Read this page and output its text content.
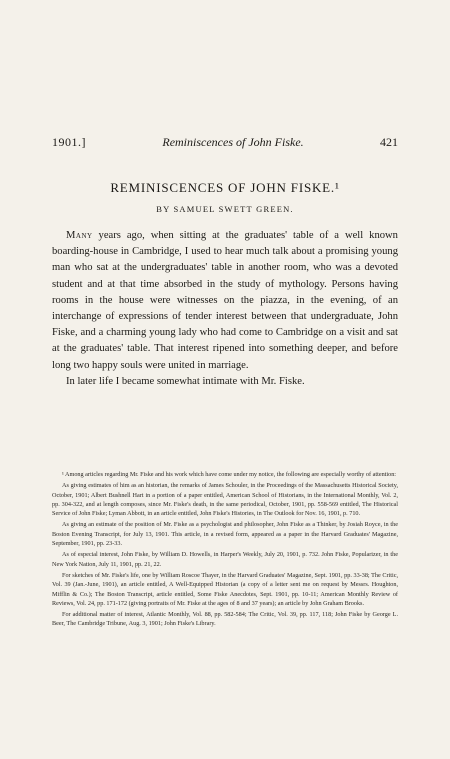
1901.]	Reminiscences of John Fiske.	421
REMINISCENCES OF JOHN FISKE.¹

BY SAMUEL SWETT GREEN.

Many years ago, when sitting at the graduates' table of a well known boarding-house in Cambridge, I used to hear much talk about a promising young man who sat at the undergraduates' table in another room, who was a devoted student and at that time absorbed in the study of mythology. Persons having rooms in the house were witnesses on the piazza, in the evening, of an interchange of expressions of tender interest between that undergraduate, John Fiske, and a charming young lady who had come to Cambridge on a visit and sat at the graduates' table. That interest ripened into something deeper, and before long two happy souls were united in marriage.

In later life I became somewhat intimate with Mr. Fiske.

¹ Among articles regarding Mr. Fiske and his work which have come under my notice, the following are especially worthy of attention:

As giving estimates of him as an historian, the remarks of James Schouler, in the Proceedings of the Massachusetts Historical Society, October, 1901; Albert Bushnell Hart in a portion of a paper entitled, American School of Historians, in the International Monthly, Vol. 2, pp. 304-322, and at length composes, since Mr. Fiske's death, in the same periodical, October, 1901, pp. 558-569 entitled, The Historical Service of John Fiske; Lyman Abbott, in an article entitled, John Fiske's Histories, in The Outlook for Nov. 16, 1901, p. 710.

As giving an estimate of the position of Mr. Fiske as a psychologist and philosopher, John Fiske as a Thinker, by Josiah Royce, in the Boston Evening Transcript, for July 13, 1901. This article, in a revised form, appeared as a paper in the Harvard Graduates' Magazine, September, 1901, pp. 23-33.

As of especial interest, John Fiske, by William D. Howells, in Harper's Weekly, July 20, 1901, p. 732. John Fiske, Popularizer, in the New York Nation, July 11, 1901, pp. 21, 22.

For sketches of Mr. Fiske's life, one by William Roscoe Thayer, in the Harvard Graduates' Magazine, Sept. 1901, pp. 33-38; The Critic, Vol. 39 (Jan.-June, 1901), an article entitled, A Well-Equipped Historian (a copy of a letter sent me on request by Messrs. Houghton, Mifflin & Co.); The Boston Transcript, article entitled, Some Fiske Anecdotes, Sept. 1901, pp. 10-11; American Monthly Review of Reviews, Vol. 24, pp. 171-172 (giving portraits of Mr. Fiske at the ages of 8 and 37 years); an article by John Graham Brooks.

For additional matter of interest, Atlantic Monthly, Vol. 88, pp. 582-584; The Critic, Vol. 39, pp. 117, 118; John Fiske by George L. Beer, The Cambridge Tribune, Aug. 3, 1901; John Fiske's Library.
